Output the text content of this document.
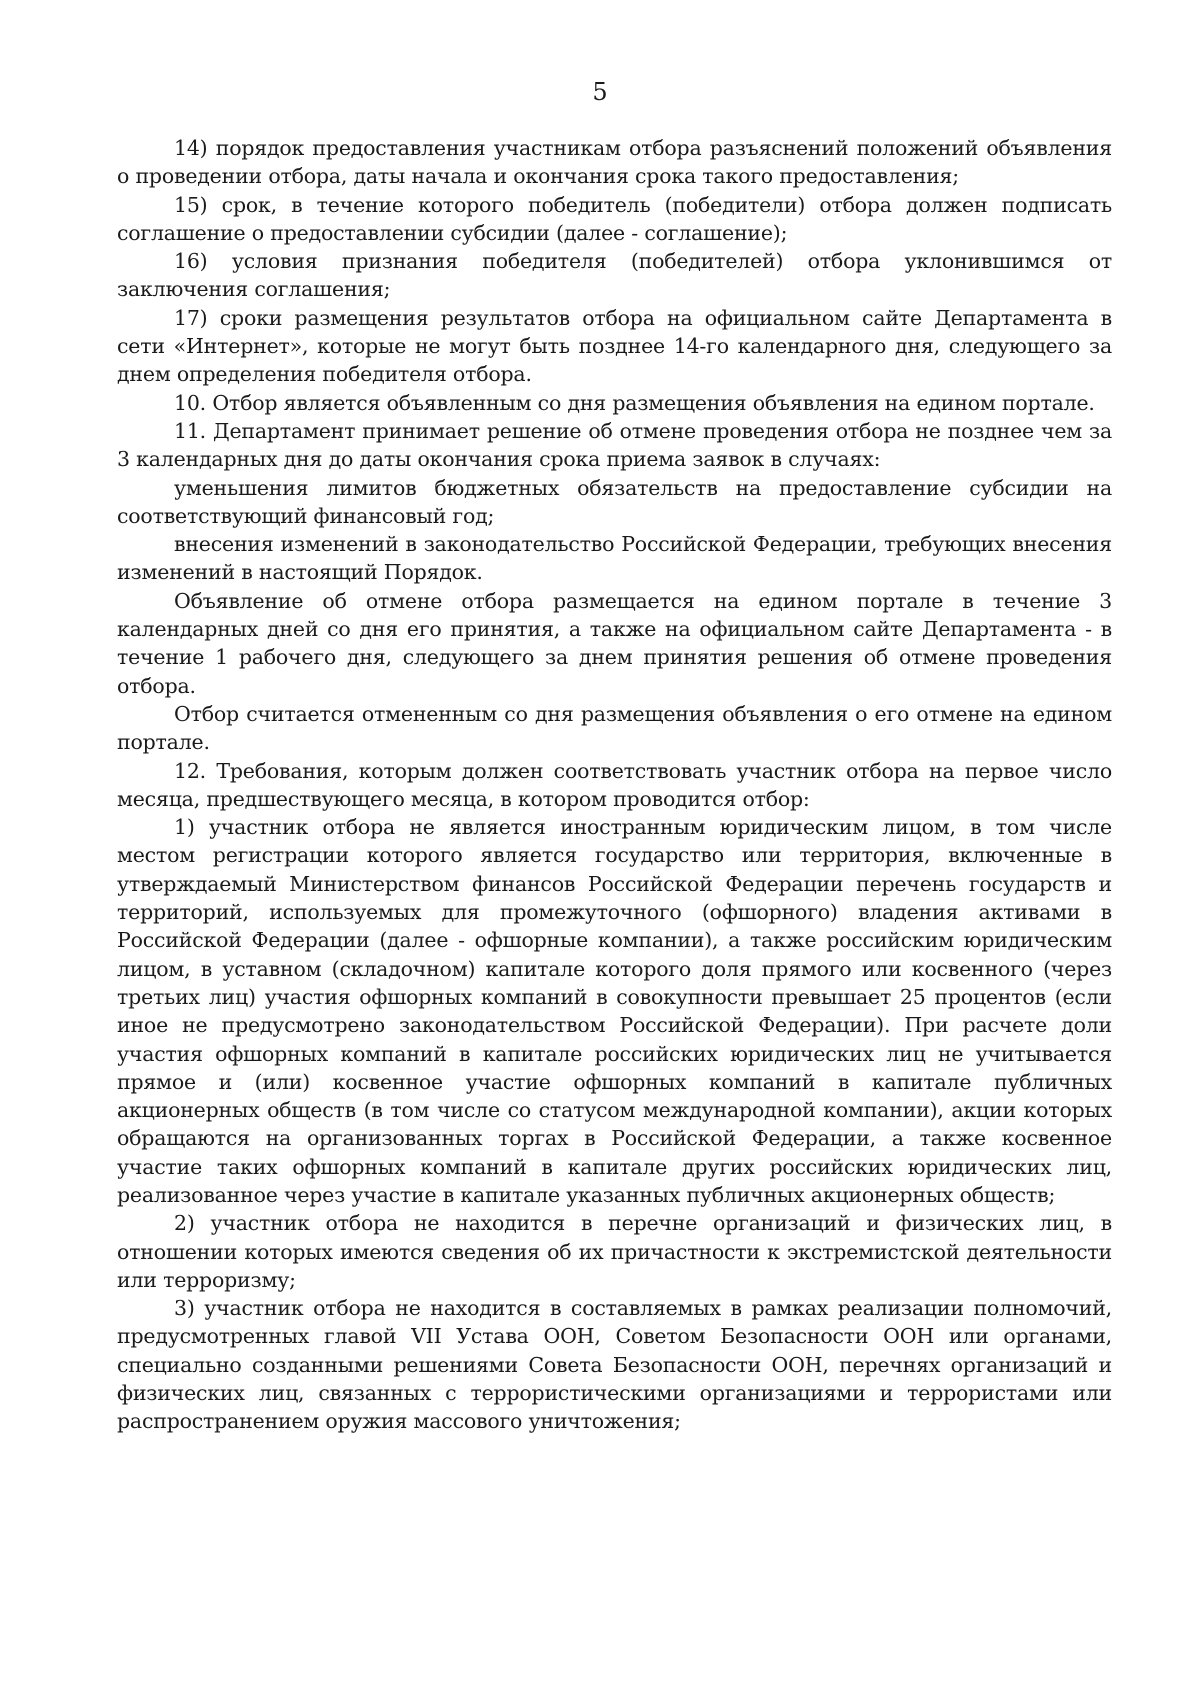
5

14) порядок предоставления участникам отбора разъяснений положений объявления о проведении отбора, даты начала и окончания срока такого предоставления;

15) срок, в течение которого победитель (победители) отбора должен подписать соглашение о предоставлении субсидии (далее - соглашение);

16) условия признания победителя (победителей) отбора уклонившимся от заключения соглашения;

17) сроки размещения результатов отбора на официальном сайте Департамента в сети «Интернет», которые не могут быть позднее 14-го календарного дня, следующего за днем определения победителя отбора.

10. Отбор является объявленным со дня размещения объявления на едином портале.

11. Департамент принимает решение об отмене проведения отбора не позднее чем за 3 календарных дня до даты окончания срока приема заявок в случаях:

уменьшения лимитов бюджетных обязательств на предоставление субсидии на соответствующий финансовый год;

внесения изменений в законодательство Российской Федерации, требующих внесения изменений в настоящий Порядок.

Объявление об отмене отбора размещается на едином портале в течение 3 календарных дней со дня его принятия, а также на официальном сайте Департамента - в течение 1 рабочего дня, следующего за днем принятия решения об отмене проведения отбора.

Отбор считается отмененным со дня размещения объявления о его отмене на едином портале.

12. Требования, которым должен соответствовать участник отбора на первое число месяца, предшествующего месяца, в котором проводится отбор:

1) участник отбора не является иностранным юридическим лицом, в том числе местом регистрации которого является государство или территория, включенные в утверждаемый Министерством финансов Российской Федерации перечень государств и территорий, используемых для промежуточного (офшорного) владения активами в Российской Федерации (далее - офшорные компании), а также российским юридическим лицом, в уставном (складочном) капитале которого доля прямого или косвенного (через третьих лиц) участия офшорных компаний в совокупности превышает 25 процентов (если иное не предусмотрено законодательством Российской Федерации). При расчете доли участия офшорных компаний в капитале российских юридических лиц не учитывается прямое и (или) косвенное участие офшорных компаний в капитале публичных акционерных обществ (в том числе со статусом международной компании), акции которых обращаются на организованных торгах в Российской Федерации, а также косвенное участие таких офшорных компаний в капитале других российских юридических лиц, реализованное через участие в капитале указанных публичных акционерных обществ;

2) участник отбора не находится в перечне организаций и физических лиц, в отношении которых имеются сведения об их причастности к экстремистской деятельности или терроризму;

3) участник отбора не находится в составляемых в рамках реализации полномочий, предусмотренных главой VII Устава ООН, Советом Безопасности ООН или органами, специально созданными решениями Совета Безопасности ООН, перечнях организаций и физических лиц, связанных с террористическими организациями и террористами или распространением оружия массового уничтожения;
